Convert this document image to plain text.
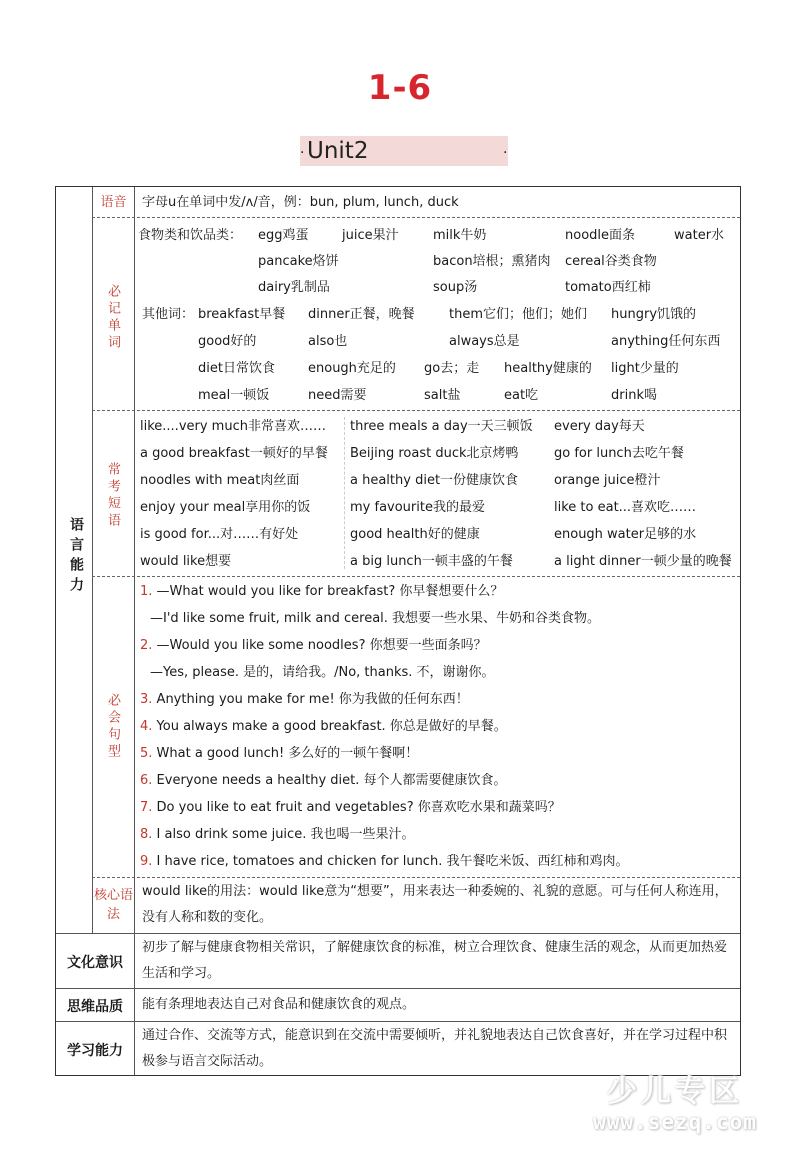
1-6
· Unit2	·
语言能力
语音	字母u在单词中发/ʌ/音，例：bun, plum, lunch, duck
必记单词
食物类和饮品类： egg鸡蛋	juice果汁	milk牛奶	noodle面条	water水
pancake烙饼	bacon培根；熏猪肉 cereal谷类食物
dairy乳制品	soup汤	tomato西红柿
其他词： breakfast早餐 dinner正餐，晚餐	them它们；他们；她们 hungry饥饿的
good好的	also也	always总是	anything任何东西
diet日常饮食	enough充足的 go去；走 healthy健康的 light少量的
meal一顿饭	need需要	salt盐	eat吃	drink喝
常考短语
like....very much非常喜欢…… three meals a day一天三顿饭 every day每天
a good breakfast一顿好的早餐 Beijing roast duck北京烤鸭	go for lunch去吃午餐
noodles with meat肉丝面	a healthy diet一份健康饮食	orange juice橙汁
enjoy your meal享用你的饭	my favourite我的最爱	like to eat...喜欢吃……
is good for...对……有好处	good health好的健康	enough water足够的水
would like想要	a big lunch一顿丰盛的午餐	a light dinner一顿少量的晚餐
必会句型
1. —What would you like for breakfast? 你早餐想要什么？
—I'd like some fruit, milk and cereal. 我想要一些水果、牛奶和谷类食物。
2. —Would you like some noodles? 你想要一些面条吗？
—Yes, please. 是的，请给我。/No, thanks. 不，谢谢你。
3. Anything you make for me! 你为我做的任何东西！
4. You always make a good breakfast. 你总是做好的早餐。
5. What a good lunch! 多么好的一顿午餐啊！
6. Everyone needs a healthy diet. 每个人都需要健康饮食。
7. Do you like to eat fruit and vegetables? 你喜欢吃水果和蔬菜吗？
8. I also drink some juice. 我也喝一些果汁。
9. I have rice, tomatoes and chicken for lunch. 我午餐吃米饭、西红柿和鸡肉。
核心语法
would like的用法：would like意为“想要”，用来表达一种委婉的、礼貌的意愿。可与任何人称连用，没有人称和数的变化。
文化意识
初步了解与健康食物相关常识，了解健康饮食的标准，树立合理饮食、健康生活的观念，从而更加热爱生活和学习。
思维品质	能有条理地表达自己对食品和健康饮食的观点。
学习能力
通过合作、交流等方式，能意识到在交流中需要倾听，并礼貌地表达自己饮食喜好，并在学习过程中积极参与语言交际活动。
少儿专区
www.sezq.com
